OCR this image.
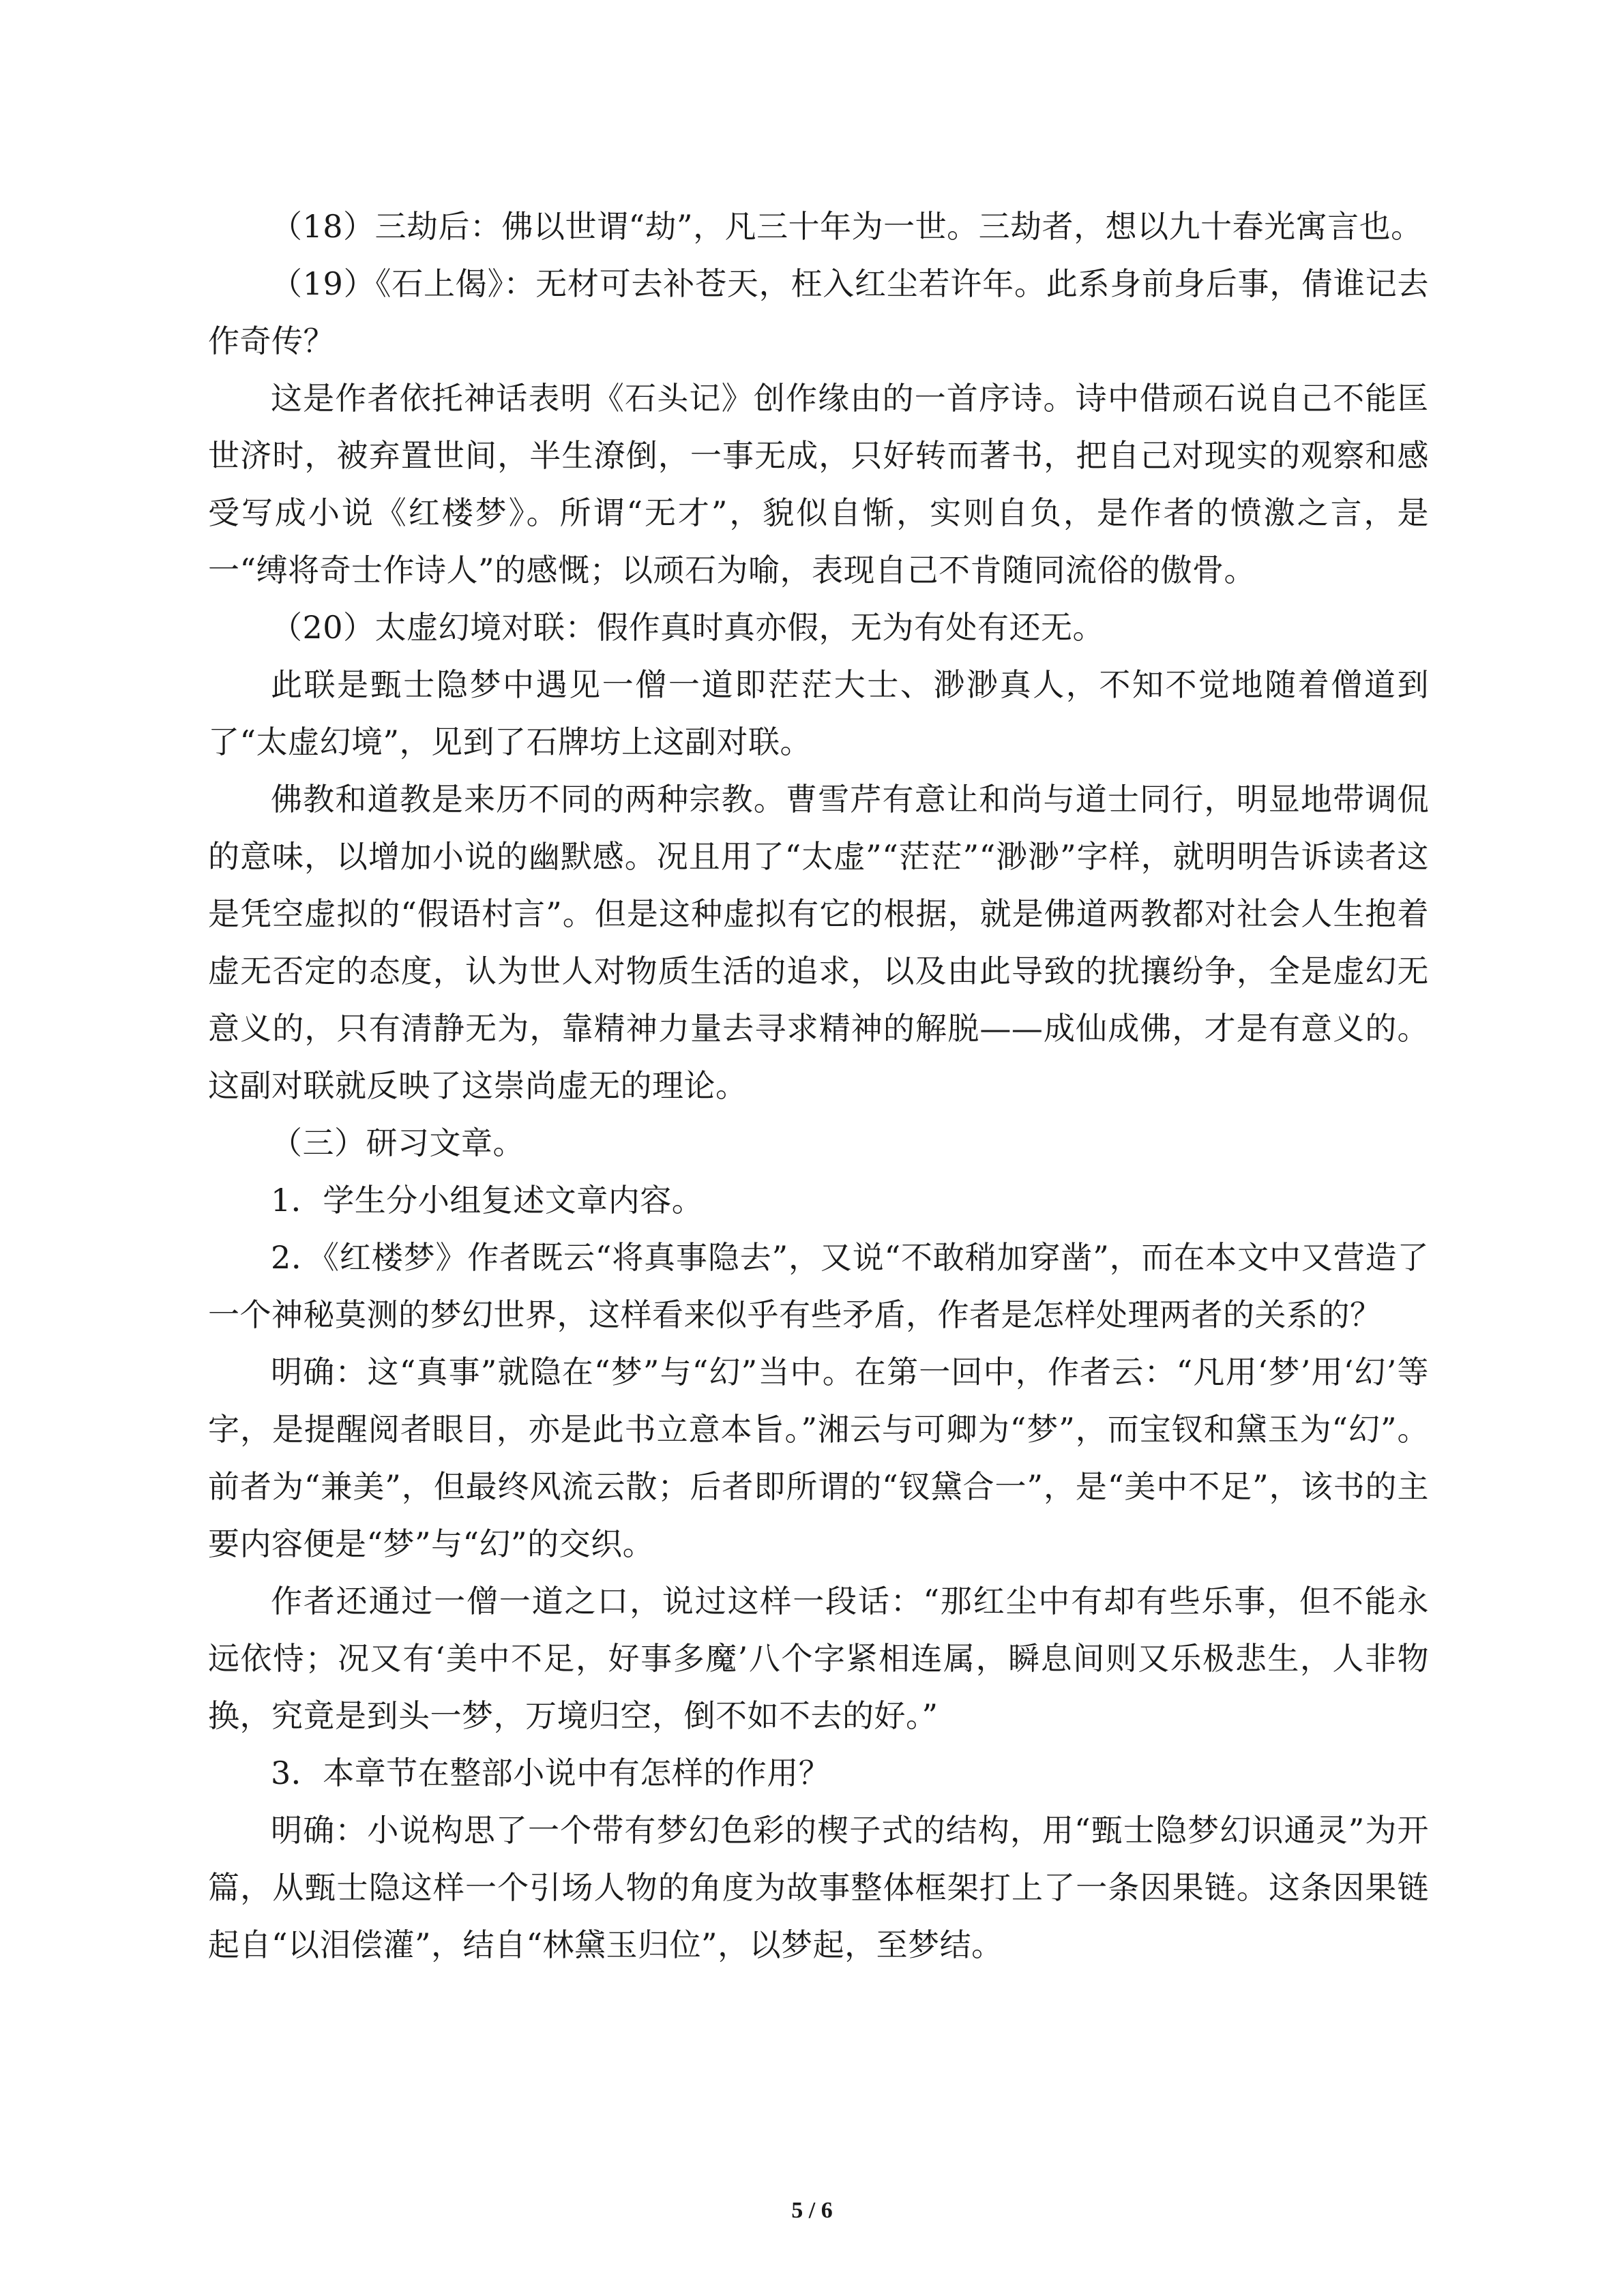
（18）三劫后：佛以世谓“劫”，凡三十年为一世。三劫者，想以九十春光寓言也。

（19）《石上偈》：无材可去补苍天，枉入红尘若许年。此系身前身后事，倩谁记去作奇传？

这是作者依托神话表明《石头记》创作缘由的一首序诗。诗中借顽石说自己不能匡世济时，被弃置世间，半生潦倒，一事无成，只好转而著书，把自己对现实的观察和感受写成小说《红楼梦》。所谓“无才”，貌似自惭，实则自负，是作者的愤激之言，是一“缚将奇士作诗人”的感慨；以顽石为喻，表现自己不肯随同流俗的傲骨。

（20）太虚幻境对联：假作真时真亦假，无为有处有还无。

此联是甄士隐梦中遇见一僧一道即茫茫大士、渺渺真人，不知不觉地随着僧道到了“太虚幻境”，见到了石牌坊上这副对联。

佛教和道教是来历不同的两种宗教。曹雪芹有意让和尚与道士同行，明显地带调侃的意味，以增加小说的幽默感。况且用了“太虚”“茫茫”“渺渺”字样，就明明告诉读者这是凭空虚拟的“假语村言”。但是这种虚拟有它的根据，就是佛道两教都对社会人生抱着虚无否定的态度，认为世人对物质生活的追求，以及由此导致的扰攘纷争，全是虚幻无意义的，只有清静无为，靠精神力量去寻求精神的解脱——成仙成佛，才是有意义的。这副对联就反映了这崇尚虚无的理论。

（三）研习文章。

1．学生分小组复述文章内容。

2．《红楼梦》作者既云“将真事隐去”，又说“不敢稍加穿凿”，而在本文中又营造了一个神秘莫测的梦幻世界，这样看来似乎有些矛盾，作者是怎样处理两者的关系的？

明确：这“真事”就隐在“梦”与“幻”当中。在第一回中，作者云：“凡用‘梦’用‘幻’等字，是提醒阅者眼目，亦是此书立意本旨。”湘云与可卿为“梦”，而宝钗和黛玉为“幻”。前者为“兼美”，但最终风流云散；后者即所谓的“钗黛合一”，是“美中不足”，该书的主要内容便是“梦”与“幻”的交织。

作者还通过一僧一道之口，说过这样一段话：“那红尘中有却有些乐事，但不能永远依恃；况又有‘美中不足，好事多魔’八个字紧相连属，瞬息间则又乐极悲生，人非物换，究竟是到头一梦，万境归空，倒不如不去的好。”

3．本章节在整部小说中有怎样的作用？

明确：小说构思了一个带有梦幻色彩的楔子式的结构，用“甄士隐梦幻识通灵”为开篇，从甄士隐这样一个引场人物的角度为故事整体框架打上了一条因果链。这条因果链起自“以泪偿灌”，结自“林黛玉归位”，以梦起，至梦结。

5 / 6
